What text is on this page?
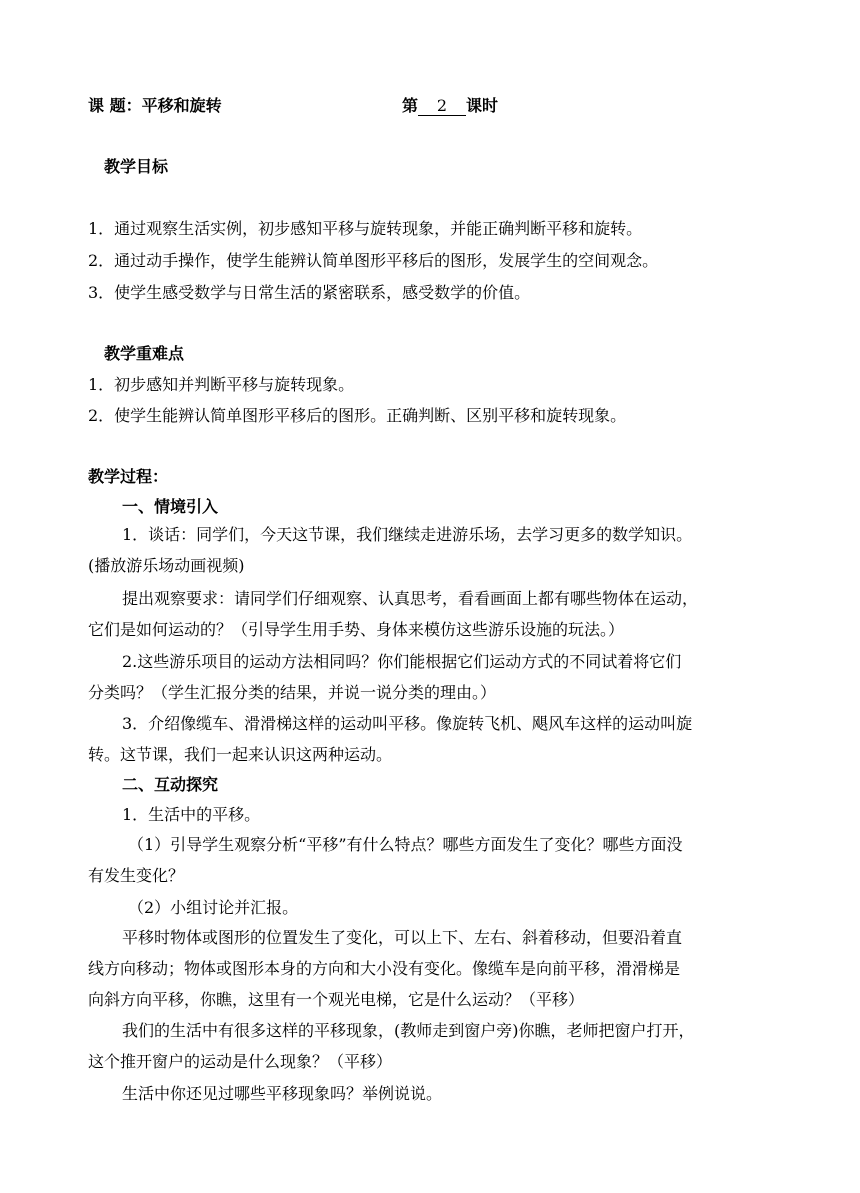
课 题：平移和旋转	第 2 课时
教学目标
1．通过观察生活实例，初步感知平移与旋转现象，并能正确判断平移和旋转。
2．通过动手操作，使学生能辨认简单图形平移后的图形，发展学生的空间观念。
3．使学生感受数学与日常生活的紧密联系，感受数学的价值。
教学重难点
1．初步感知并判断平移与旋转现象。
2．使学生能辨认简单图形平移后的图形。正确判断、区别平移和旋转现象。
教学过程：
一、情境引入
1．谈话：同学们，今天这节课，我们继续走进游乐场，去学习更多的数学知识。
(播放游乐场动画视频)
提出观察要求：请同学们仔细观察、认真思考，看看画面上都有哪些物体在运动，
它们是如何运动的？（引导学生用手势、身体来模仿这些游乐设施的玩法。）
2.这些游乐项目的运动方法相同吗？你们能根据它们运动方式的不同试着将它们
分类吗？（学生汇报分类的结果，并说一说分类的理由。）
3．介绍像缆车、滑滑梯这样的运动叫平移。像旋转飞机、飓风车这样的运动叫旋
转。这节课，我们一起来认识这两种运动。
二、互动探究
1．生活中的平移。
（1）引导学生观察分析“平移”有什么特点？哪些方面发生了变化？哪些方面没
有发生变化？
（2）小组讨论并汇报。
平移时物体或图形的位置发生了变化，可以上下、左右、斜着移动，但要沿着直
线方向移动；物体或图形本身的方向和大小没有变化。像缆车是向前平移，滑滑梯是
向斜方向平移，你瞧，这里有一个观光电梯，它是什么运动？（平移）
我们的生活中有很多这样的平移现象，(教师走到窗户旁)你瞧，老师把窗户打开，
这个推开窗户的运动是什么现象？（平移）
生活中你还见过哪些平移现象吗？举例说说。
